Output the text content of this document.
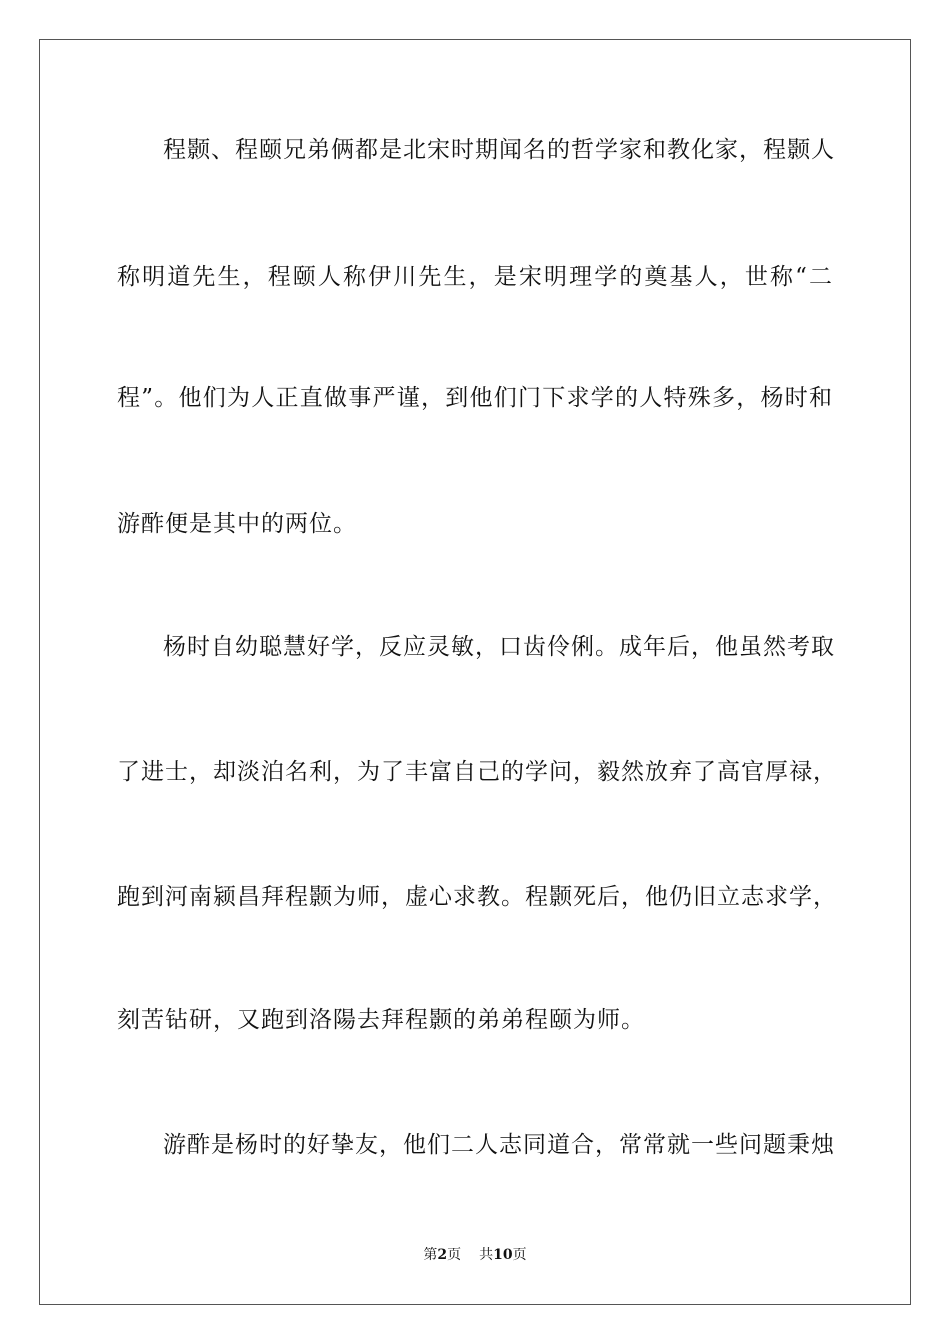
程颢、程颐兄弟俩都是北宋时期闻名的哲学家和教化家，程颢人
称明道先生，程颐人称伊川先生，是宋明理学的奠基人，世称“二
程”。他们为人正直做事严谨，到他们门下求学的人特殊多，杨时和
游酢便是其中的两位。
杨时自幼聪慧好学，反应灵敏，口齿伶俐。成年后，他虽然考取
了进士，却淡泊名利，为了丰富自己的学问，毅然放弃了高官厚禄，
跑到河南颍昌拜程颢为师，虚心求教。程颢死后，他仍旧立志求学，
刻苦钻研，又跑到洛陽去拜程颢的弟弟程颐为师。
游酢是杨时的好挚友，他们二人志同道合，常常就一些问题秉烛
第2页 共10页
